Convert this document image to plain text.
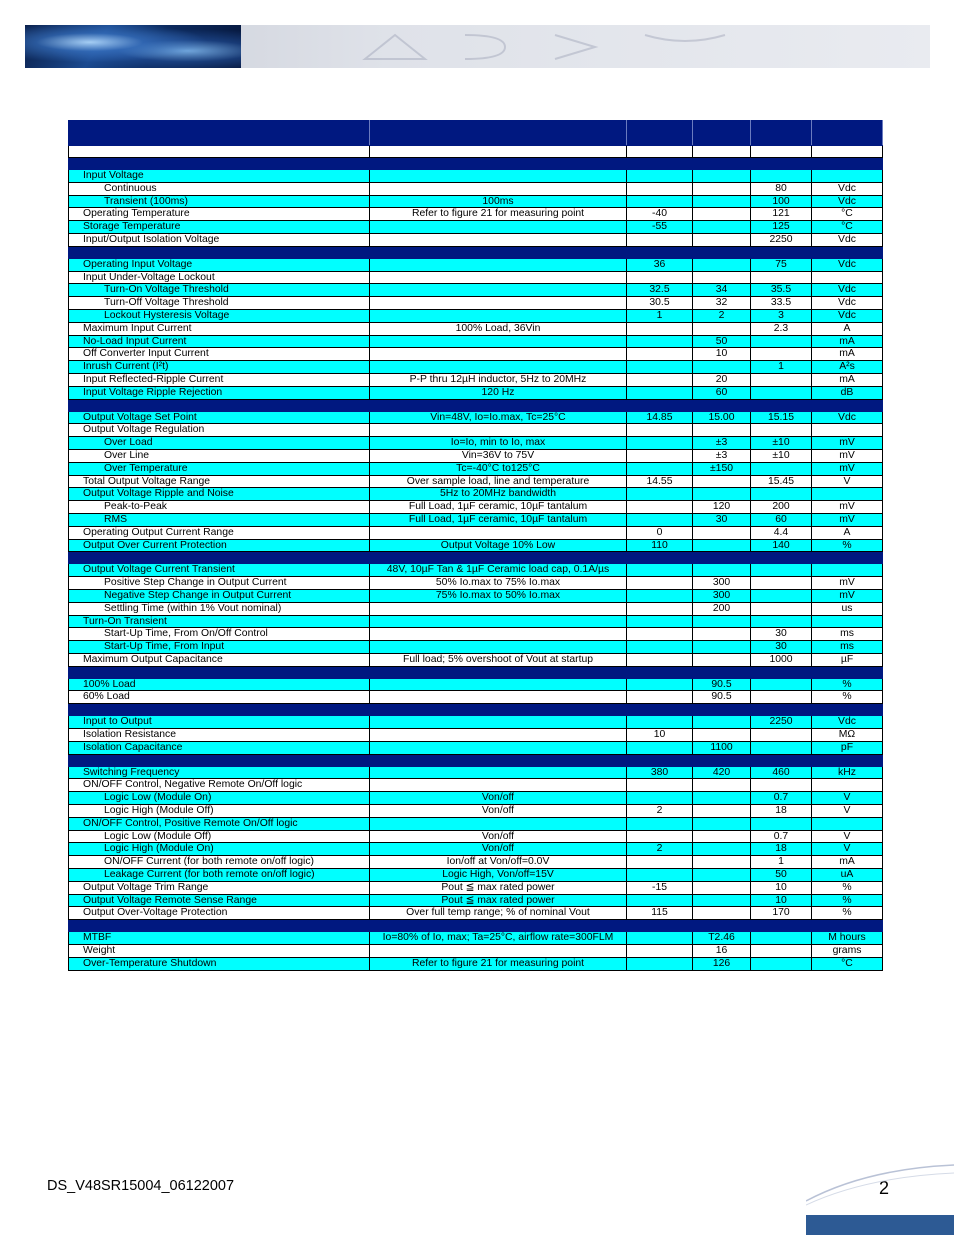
Input Voltage					
Continuous				80	Vdc
Transient (100ms)	100ms			100	Vdc
Operating Temperature	Refer to figure 21 for measuring point	-40		121	°C
Storage Temperature		-55		125	°C
Input/Output Isolation Voltage				2250	Vdc

Operating Input Voltage		36		75	Vdc
Input Under-Voltage Lockout					
Turn-On Voltage Threshold		32.5	34	35.5	Vdc
Turn-Off Voltage Threshold		30.5	32	33.5	Vdc
Lockout Hysteresis Voltage		1	2	3	Vdc
Maximum Input Current	100% Load, 36Vin			2.3	A
No-Load Input Current			50		mA
Off Converter Input Current			10		mA
Inrush Current (I²t)				1	A²s
Input Reflected-Ripple Current	P-P thru 12µH inductor, 5Hz to 20MHz		20		mA
Input Voltage Ripple Rejection	120 Hz		60		dB

Output Voltage Set Point	Vin=48V, Io=Io.max, Tc=25°C	14.85	15.00	15.15	Vdc
Output Voltage Regulation					
Over Load	Io=Io, min to Io, max		±3	±10	mV
Over Line	Vin=36V to 75V		±3	±10	mV
Over Temperature	Tc=-40°C to125°C		±150		mV
Total Output Voltage Range	Over sample load, line and temperature	14.55		15.45	V
Output Voltage Ripple and Noise	5Hz to 20MHz bandwidth				
Peak-to-Peak	Full Load, 1µF ceramic, 10µF tantalum		120	200	mV
RMS	Full Load, 1µF ceramic, 10µF tantalum		30	60	mV
Operating Output Current Range		0		4.4	A
Output Over Current Protection	Output Voltage 10% Low	110		140	%

Output Voltage Current Transient	48V, 10µF Tan & 1µF Ceramic load cap, 0.1A/µs				
Positive Step Change in Output Current	50% Io.max to 75% Io.max		300		mV
Negative Step Change in Output Current	75% Io.max to 50% Io.max		300		mV
Settling Time (within 1% Vout nominal)			200		us
Turn-On Transient					
Start-Up Time, From On/Off Control				30	ms
Start-Up Time, From Input				30	ms
Maximum Output Capacitance	Full load; 5% overshoot of Vout at startup			1000	µF

100% Load			90.5		%
60% Load			90.5		%

Input to Output				2250	Vdc
Isolation Resistance		10			MΩ
Isolation Capacitance			1100		pF

Switching Frequency		380	420	460	kHz
ON/OFF Control, Negative Remote On/Off logic					
Logic Low (Module On)	Von/off			0.7	V
Logic High (Module Off)	Von/off	2		18	V
ON/OFF Control, Positive Remote On/Off logic					
Logic Low (Module Off)	Von/off			0.7	V
Logic High (Module On)	Von/off	2		18	V
ON/OFF Current (for both remote on/off logic)	Ion/off at Von/off=0.0V			1	mA
Leakage Current (for both remote on/off logic)	Logic High, Von/off=15V			50	uA
Output Voltage Trim Range	Pout ≦ max rated power	-15		10	%
Output Voltage Remote Sense Range	Pout ≦ max rated power			10	%
Output Over-Voltage Protection	Over full temp range; % of nominal Vout	115		170	%

MTBF	Io=80% of Io, max; Ta=25°C, airflow rate=300FLM		T2.46		M hours
Weight			16		grams
Over-Temperature Shutdown	Refer to figure 21 for measuring point		126		°C
DS_V48SR15004_06122007	2
